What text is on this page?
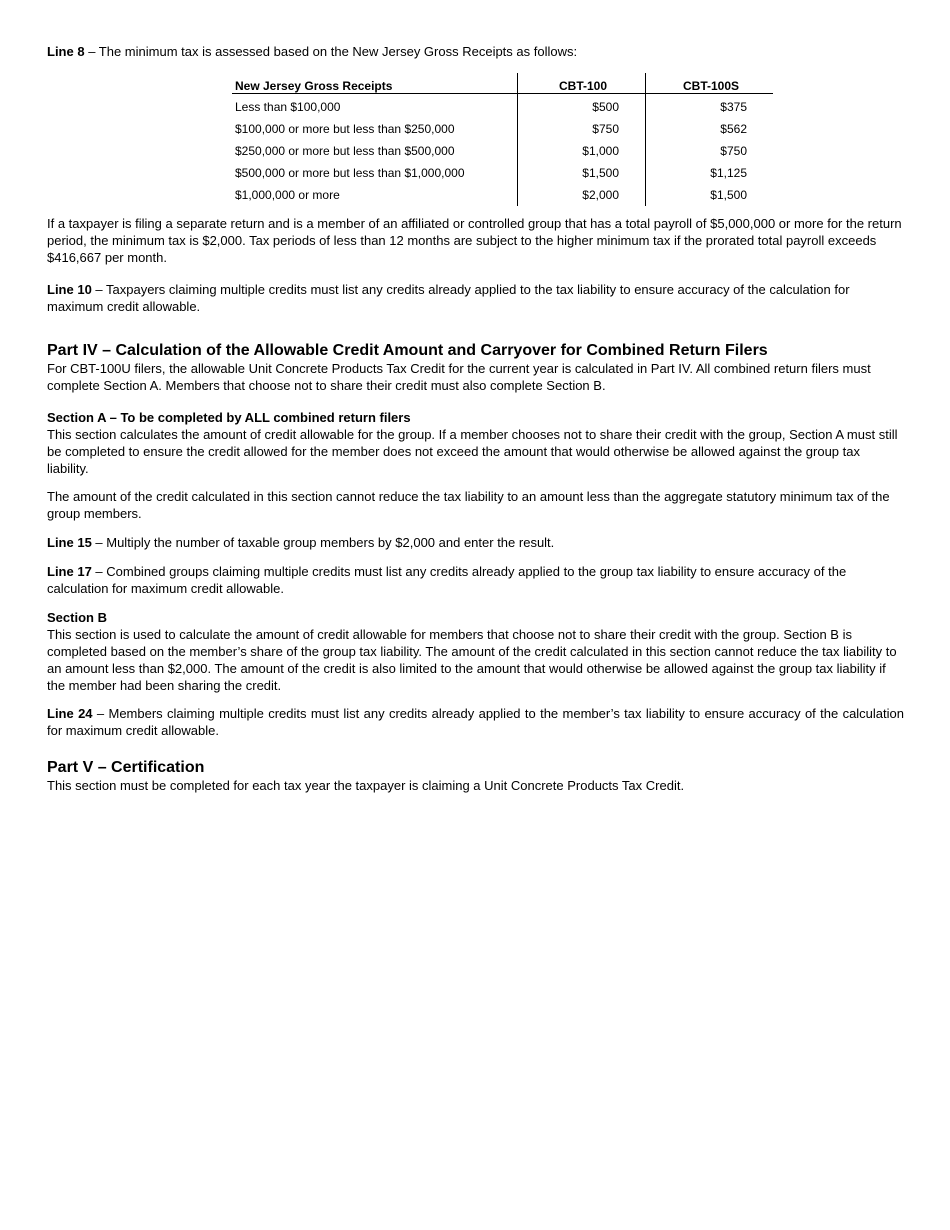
Line 8 – The minimum tax is assessed based on the New Jersey Gross Receipts as follows:

New Jersey Gross Receipts	CBT-100	CBT-100S
Less than $100,000	$500	$375
$100,000 or more but less than $250,000	$750	$562
$250,000 or more but less than $500,000	$1,000	$750
$500,000 or more but less than $1,000,000	$1,500	$1,125
$1,000,000 or more	$2,000	$1,500

If a taxpayer is filing a separate return and is a member of an affiliated or controlled group that has a total payroll of $5,000,000 or more for the return period, the minimum tax is $2,000. Tax periods of less than 12 months are subject to the higher minimum tax if the prorated total payroll exceeds $416,667 per month.

Line 10 – Taxpayers claiming multiple credits must list any credits already applied to the tax liability to ensure accuracy of the calculation for maximum credit allowable.

Part IV – Calculation of the Allowable Credit Amount and Carryover for Combined Return Filers

For CBT-100U filers, the allowable Unit Concrete Products Tax Credit for the current year is calculated in Part IV. All combined return filers must complete Section A. Members that choose not to share their credit must also complete Section B.

Section A – To be completed by ALL combined return filers

This section calculates the amount of credit allowable for the group. If a member chooses not to share their credit with the group, Section A must still be completed to ensure the credit allowed for the member does not exceed the amount that would otherwise be allowed against the group tax liability.

The amount of the credit calculated in this section cannot reduce the tax liability to an amount less than the aggregate statutory minimum tax of the group members.

Line 15 – Multiply the number of taxable group members by $2,000 and enter the result.

Line 17 – Combined groups claiming multiple credits must list any credits already applied to the group tax liability to ensure accuracy of the calculation for maximum credit allowable.

Section B

This section is used to calculate the amount of credit allowable for members that choose not to share their credit with the group. Section B is completed based on the member’s share of the group tax liability. The amount of the credit calculated in this section cannot reduce the tax liability to an amount less than $2,000. The amount of the credit is also limited to the amount that would otherwise be allowed against the group tax liability if the member had been sharing the credit.

Line 24 – Members claiming multiple credits must list any credits already applied to the member’s tax liability to ensure accuracy of the calculation for maximum credit allowable.

Part V – Certification

This section must be completed for each tax year the taxpayer is claiming a Unit Concrete Products Tax Credit.
